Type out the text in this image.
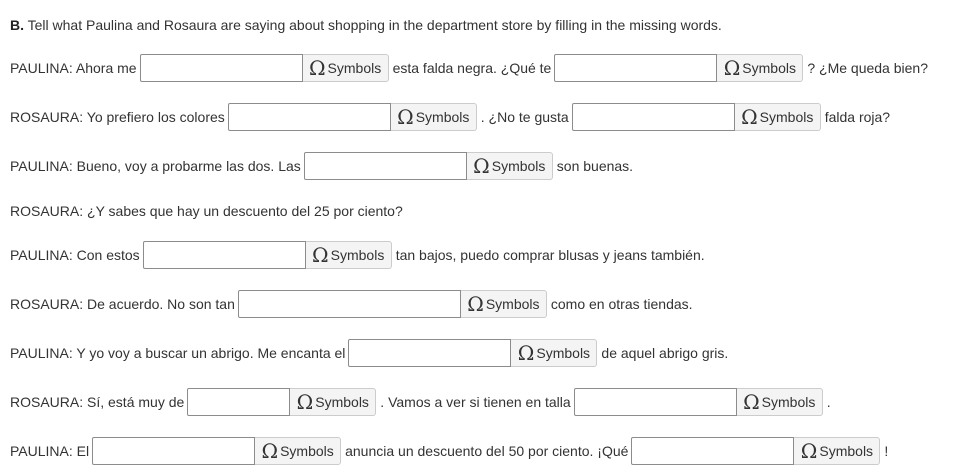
B. Tell what Paulina and Rosaura are saying about shopping in the department store by filling in the missing words.
PAULINA: Ahora me	Ω Symbols esta falda negra. ¿Qué te	Ω Symbols ? ¿Me queda bien?
ROSAURA: Yo prefiero los colores	Ω Symbols . ¿No te gusta	Ω Symbols falda roja?
PAULINA: Bueno, voy a probarme las dos. Las	Ω Symbols son buenas.
ROSAURA: ¿Y sabes que hay un descuento del 25 por ciento?
PAULINA: Con estos	Ω Symbols tan bajos, puedo comprar blusas y jeans también.
ROSAURA: De acuerdo. No son tan	Ω Symbols como en otras tiendas.
PAULINA: Y yo voy a buscar un abrigo. Me encanta el	Ω Symbols de aquel abrigo gris.
ROSAURA: Sí, está muy de	Ω Symbols . Vamos a ver si tienen en talla	Ω Symbols .
PAULINA: El	Ω Symbols anuncia un descuento del 50 por ciento. ¡Qué	Ω Symbols !
